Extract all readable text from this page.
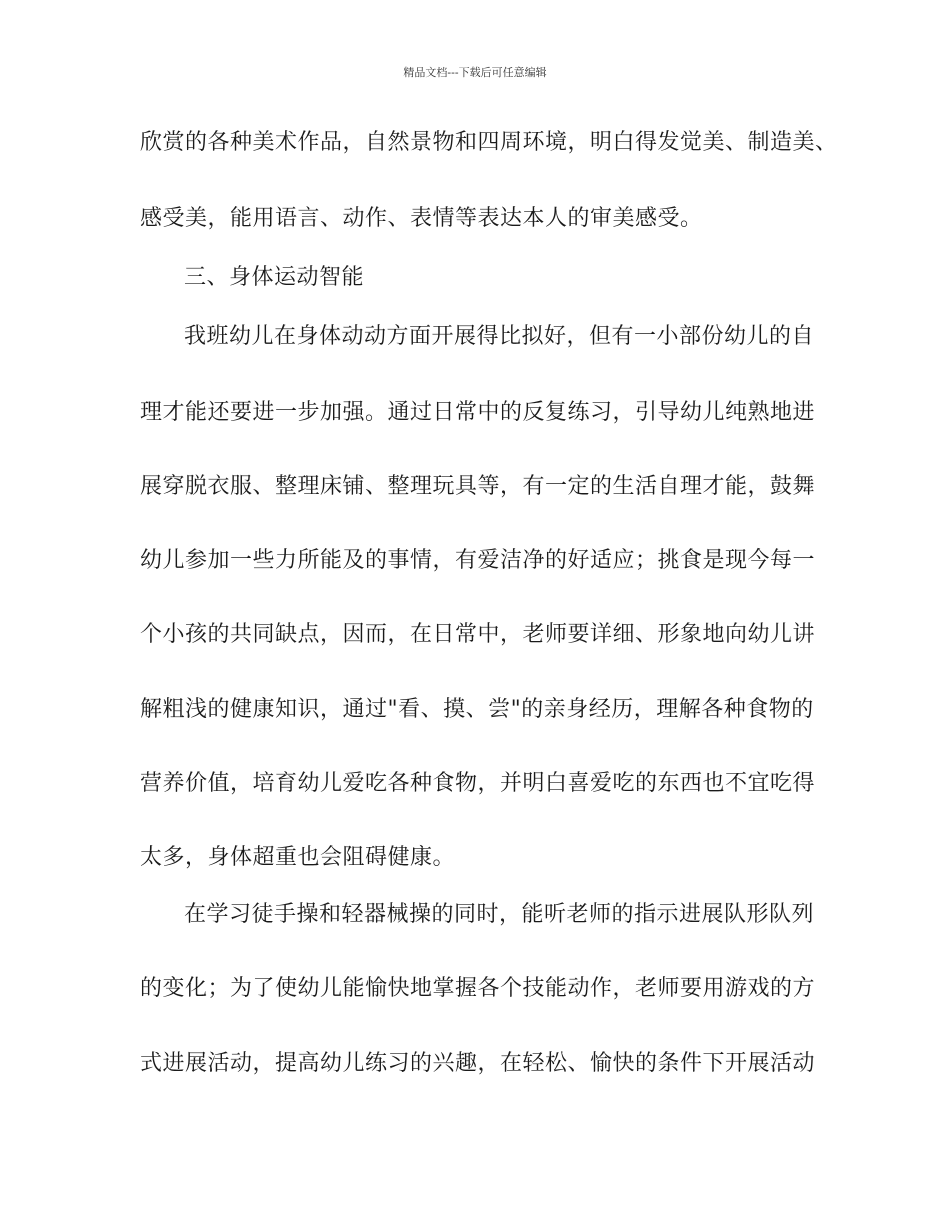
精品文档---下载后可任意编辑
欣赏的各种美术作品，自然景物和四周环境，明白得发觉美、制造美、
感受美，能用语言、动作、表情等表达本人的审美感受。
三、身体运动智能
我班幼儿在身体动动方面开展得比拟好，但有一小部份幼儿的自
理才能还要进一步加强。通过日常中的反复练习，引导幼儿纯熟地进
展穿脱衣服、整理床铺、整理玩具等，有一定的生活自理才能，鼓舞
幼儿参加一些力所能及的事情，有爱洁净的好适应；挑食是现今每一
个小孩的共同缺点，因而，在日常中，老师要详细、形象地向幼儿讲
解粗浅的健康知识，通过"看、摸、尝"的亲身经历，理解各种食物的
营养价值，培育幼儿爱吃各种食物，并明白喜爱吃的东西也不宜吃得
太多，身体超重也会阻碍健康。
在学习徒手操和轻器械操的同时，能听老师的指示进展队形队列
的变化；为了使幼儿能愉快地掌握各个技能动作，老师要用游戏的方
式进展活动，提高幼儿练习的兴趣，在轻松、愉快的条件下开展活动
